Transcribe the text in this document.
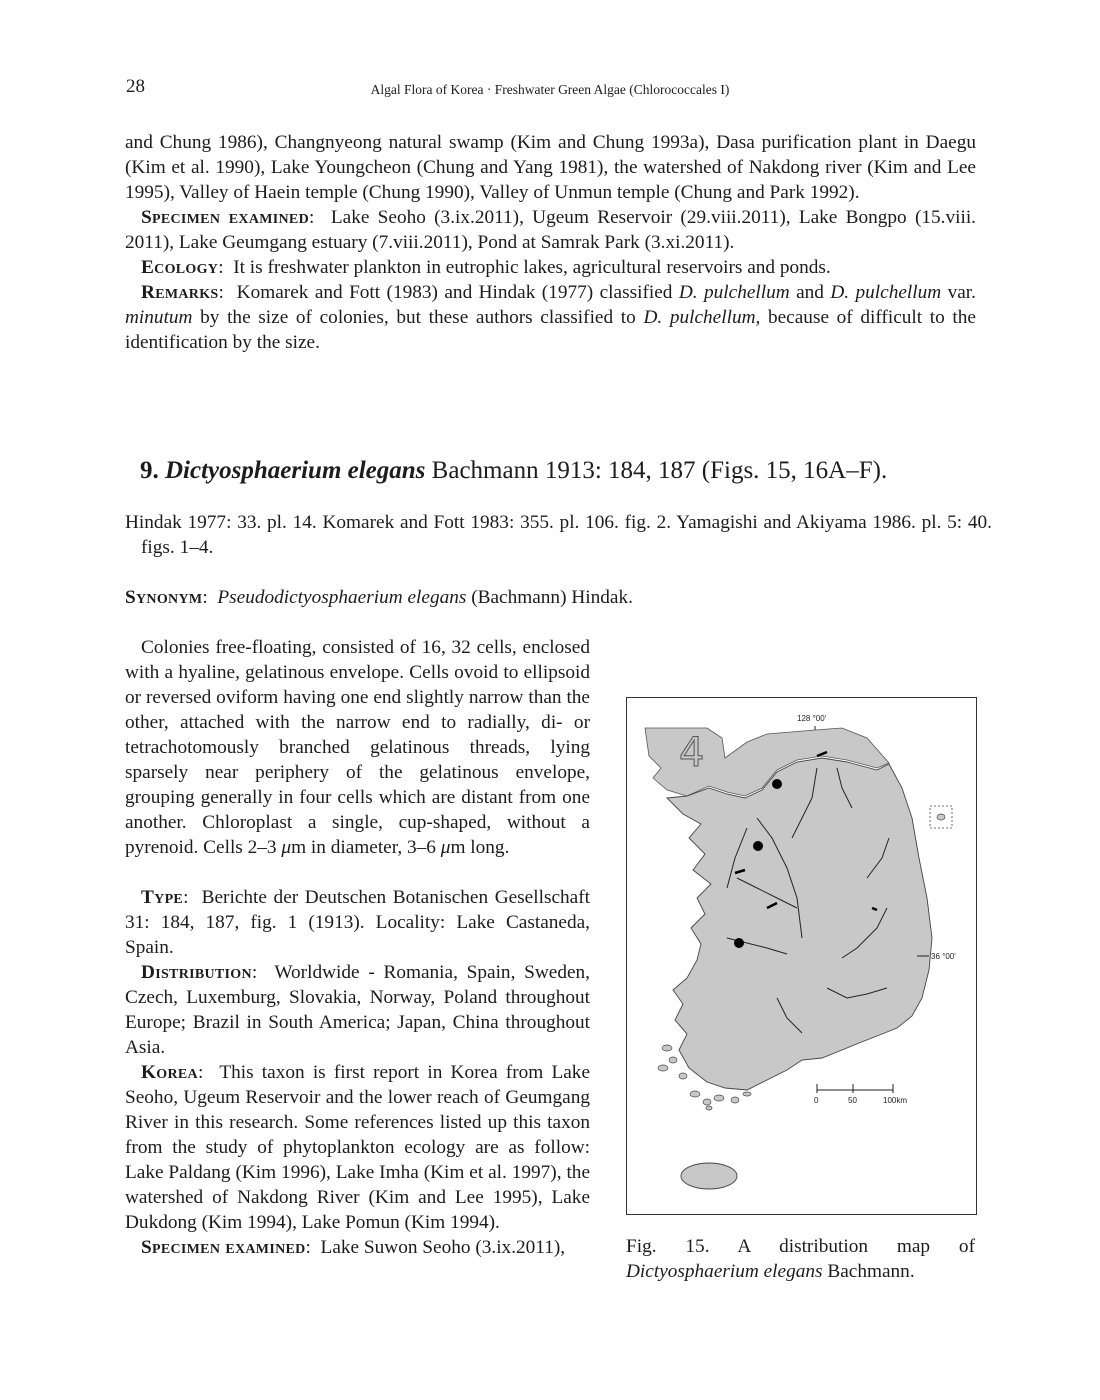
28	Algal Flora of Korea · Freshwater Green Algae (Chlorococcales I)

and Chung 1986), Changnyeong natural swamp (Kim and Chung 1993a), Dasa purification plant in Daegu (Kim et al. 1990), Lake Youngcheon (Chung and Yang 1981), the watershed of Nakdong river (Kim and Lee 1995), Valley of Haein temple (Chung 1990), Valley of Unmun temple (Chung and Park 1992).

Specimen examined:  Lake Seoho (3.ix.2011), Ugeum Reservoir (29.viii.2011), Lake Bongpo (15.viii. 2011), Lake Geumgang estuary (7.viii.2011), Pond at Samrak Park (3.xi.2011).

Ecology:  It is freshwater plankton in eutrophic lakes, agricultural reservoirs and ponds.

Remarks:  Komarek and Fott (1983) and Hindak (1977) classified D. pulchellum and D. pulchellum var. minutum by the size of colonies, but these authors classified to D. pulchellum, because of difficult to the identification by the size.

9. Dictyosphaerium elegans Bachmann 1913: 184, 187 (Figs. 15, 16A–F).
Hindak 1977: 33. pl. 14. Komarek and Fott 1983: 355. pl. 106. fig. 2. Yamagishi and Akiyama 1986. pl. 5: 40. figs. 1–4.
Synonym:  Pseudodictyosphaerium elegans (Bachmann) Hindak.

Colonies free-floating, consisted of 16, 32 cells, enclosed with a hyaline, gelatinous envelope. Cells ovoid to ellipsoid or reversed oviform having one end slightly narrow than the other, attached with the narrow end to radially, di- or tetrachotomously branched gelatinous threads, lying sparsely near periphery of the gelatinous envelope, grouping generally in four cells which are distant from one another. Chloroplast a single, cup-shaped, without a pyrenoid. Cells 2–3 μm in diameter, 3–6 μm long.

Type:  Berichte der Deutschen Botanischen Gesellschaft 31: 184, 187, fig. 1 (1913). Locality: Lake Castaneda, Spain.

Distribution:  Worldwide - Romania, Spain, Sweden, Czech, Luxemburg, Slovakia, Norway, Poland throughout Europe; Brazil in South America; Japan, China throughout Asia.

Korea:  This taxon is first report in Korea from Lake Seoho, Ugeum Reservoir and the lower reach of Geumgang River in this research. Some references listed up this taxon from the study of phytoplankton ecology are as follow: Lake Paldang (Kim 1996), Lake Imha (Kim et al. 1997), the watershed of Nakdong River (Kim and Lee 1995), Lake Dukdong (Kim 1994), Lake Pomun (Kim 1994).

Specimen examined:  Lake Suwon Seoho (3.ix.2011),

128 °00'
4
36 °00'
0	50	100km
Fig. 15. A distribution map of Dictyosphaerium elegans Bachmann.
